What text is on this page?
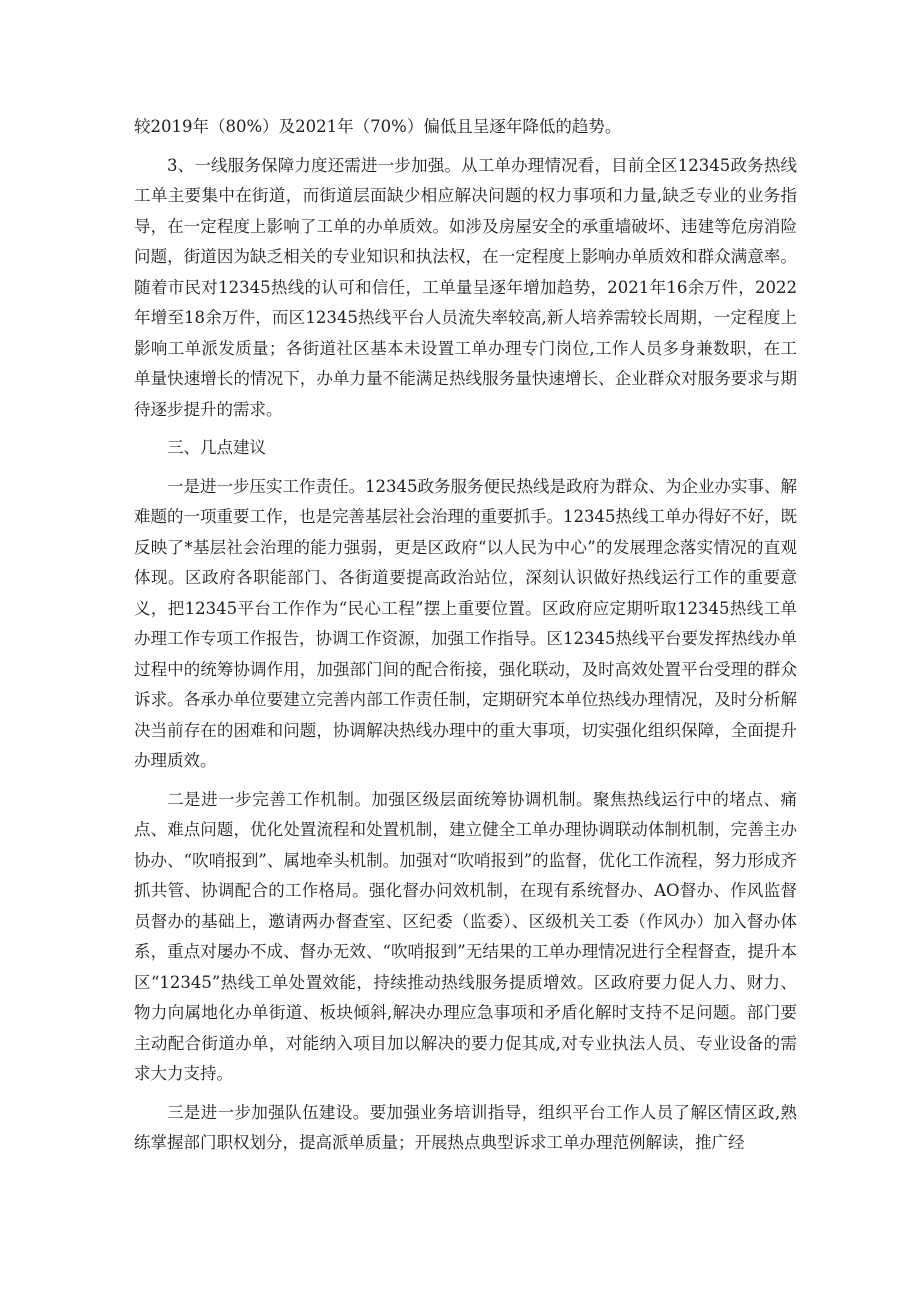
较2019年（80%）及2021年（70%）偏低且呈逐年降低的趋势。

3、一线服务保障力度还需进一步加强。从工单办理情况看，目前全区12345政务热线工单主要集中在街道，而街道层面缺少相应解决问题的权力事项和力量,缺乏专业的业务指导，在一定程度上影响了工单的办单质效。如涉及房屋安全的承重墙破坏、违建等危房消险问题，街道因为缺乏相关的专业知识和执法权，在一定程度上影响办单质效和群众满意率。随着市民对12345热线的认可和信任，工单量呈逐年增加趋势，2021年16余万件，2022年增至18余万件，而区12345热线平台人员流失率较高,新人培养需较长周期，一定程度上影响工单派发质量；各街道社区基本未设置工单办理专门岗位,工作人员多身兼数职，在工单量快速增长的情况下，办单力量不能满足热线服务量快速增长、企业群众对服务要求与期待逐步提升的需求。

三、几点建议

一是进一步压实工作责任。12345政务服务便民热线是政府为群众、为企业办实事、解难题的一项重要工作，也是完善基层社会治理的重要抓手。12345热线工单办得好不好，既反映了*基层社会治理的能力强弱，更是区政府“以人民为中心”的发展理念落实情况的直观体现。区政府各职能部门、各街道要提高政治站位，深刻认识做好热线运行工作的重要意义，把12345平台工作作为“民心工程”摆上重要位置。区政府应定期听取12345热线工单办理工作专项工作报告，协调工作资源，加强工作指导。区12345热线平台要发挥热线办单过程中的统筹协调作用，加强部门间的配合衔接，强化联动，及时高效处置平台受理的群众诉求。各承办单位要建立完善内部工作责任制，定期研究本单位热线办理情况，及时分析解决当前存在的困难和问题，协调解决热线办理中的重大事项，切实强化组织保障，全面提升办理质效。

二是进一步完善工作机制。加强区级层面统筹协调机制。聚焦热线运行中的堵点、痛点、难点问题，优化处置流程和处置机制，建立健全工单办理协调联动体制机制，完善主办协办、“吹哨报到”、属地牵头机制。加强对“吹哨报到”的监督，优化工作流程，努力形成齐抓共管、协调配合的工作格局。强化督办问效机制，在现有系统督办、AO督办、作风监督员督办的基础上，邀请两办督查室、区纪委（监委）、区级机关工委（作风办）加入督办体系，重点对屡办不成、督办无效、“吹哨报到”无结果的工单办理情况进行全程督查，提升本区“12345”热线工单处置效能，持续推动热线服务提质增效。区政府要力促人力、财力、物力向属地化办单街道、板块倾斜,解决办理应急事项和矛盾化解时支持不足问题。部门要主动配合街道办单，对能纳入项目加以解决的要力促其成,对专业执法人员、专业设备的需求大力支持。

三是进一步加强队伍建设。要加强业务培训指导，组织平台工作人员了解区情区政,熟练掌握部门职权划分，提高派单质量；开展热点典型诉求工单办理范例解读，推广经
